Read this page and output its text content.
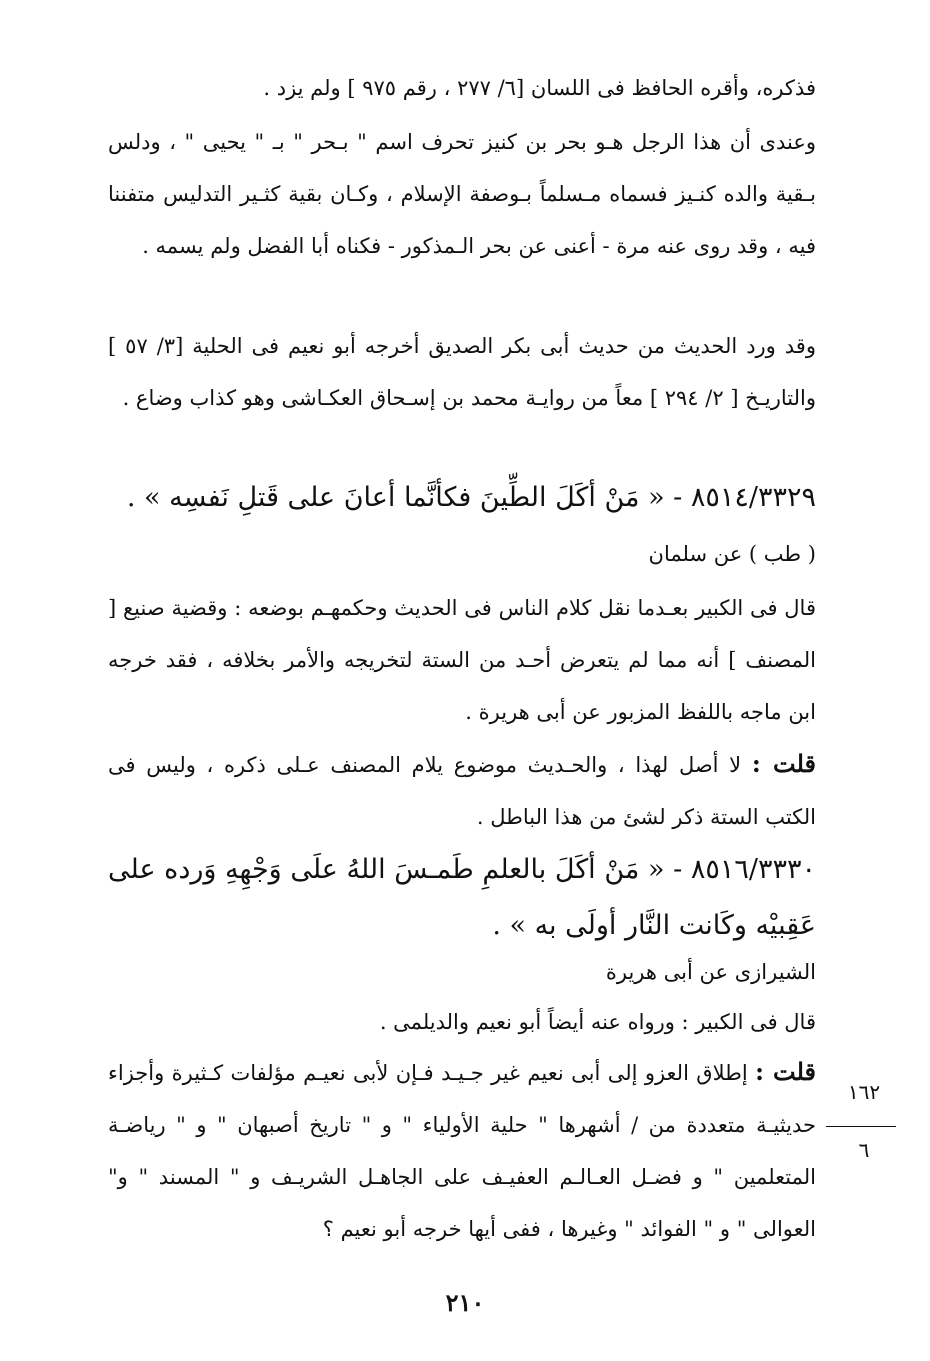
فذكره، وأقره الحافظ فى اللسان [٦/ ٢٧٧ ، رقم ٩٧٥ ] ولم يزد .

وعندى أن هذا الرجل هـو بحر بن كنيز تحرف اسم " بـحر " بـ " يحيى " ، ودلس بـقية والده كنـيز فسماه مـسلماً بـوصفة الإسلام ، وكـان بقية كثـير التدليس متفننا فيه ، وقد روى عنه مرة - أعنى عن بحر الـمذكور - فكناه أبا الفضل ولم يسمه .

وقد ورد الحديث من حديث أبى بكر الصديق أخرجه أبو نعيم فى الحلية [٣/ ٥٧ ] والتاريـخ [ ٢/ ٢٩٤ ] معاً من روايـة محمد بن إسـحاق العكـاشى وهو كذاب وضاع .

٨٥١٤/٣٣٢٩ - « مَنْ أكَلَ الطِّينَ فكأنَّما أعانَ على قَتلِ نَفسِه » .

( طب ) عن سلمان

قال فى الكبير بعـدما نقل كلام الناس فى الحديث وحكمهـم بوضعه : وقضية صنيع [ المصنف ] أنه مما لم يتعرض أحـد من الستة لتخريجه والأمر بخلافه ، فقد خرجه ابن ماجه باللفظ المزبور عن أبى هريرة .

قلت : لا أصل لهذا ، والحـديث موضوع يلام المصنف عـلى ذكره ، وليس فى الكتب الستة ذكر لشئ من هذا الباطل .

٨٥١٦/٣٣٣٠ - « مَنْ أكَلَ بالعلمِ طَمـسَ اللهُ علَى وَجْهِهِ وَرده على عَقِبيْه وكَانت النَّار أولَى به » .

الشيرازى عن أبى هريرة

قال فى الكبير : ورواه عنه أيضاً أبو نعيم والديلمى .

قلت : إطلاق العزو إلى أبى نعيم غير جـيـد فـإن لأبى نعيـم مؤلفات كـثيرة وأجزاء حديثيـة متعددة من / أشهرها " حلية الأولياء " و " تاريخ أصبهان " و " رياضـة المتعلمين " و فضـل العـالـم العفيـف على الجاهـل الشريـف و " المسند " و" العوالى " و " الفوائد " وغيرها ، ففى أيها خرجه أبو نعيم ؟

١٦٢
٦
٢١٠
